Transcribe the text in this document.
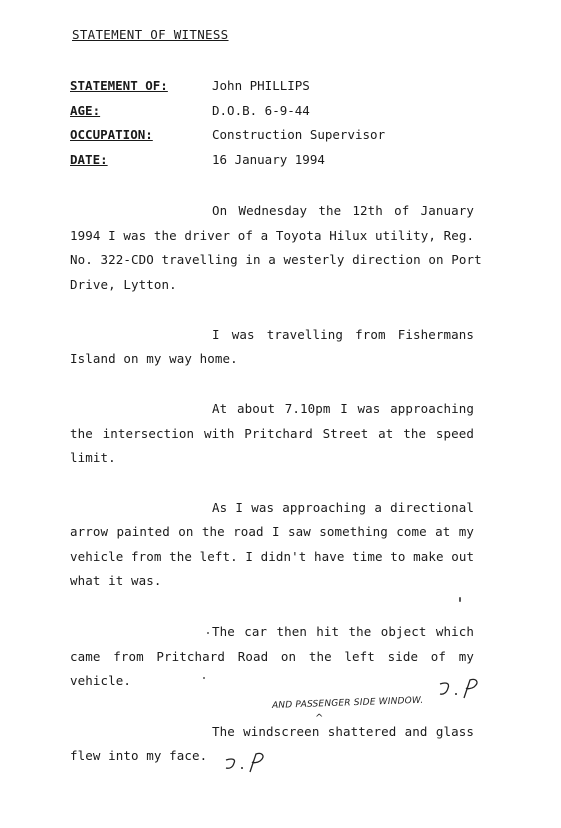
STATEMENT OF WITNESS
STATEMENT OF:	John PHILLIPS
AGE:	D.O.B. 6-9-44
OCCUPATION:	Construction Supervisor
DATE:	16 January 1994
On Wednesday the 12th of January
1994 I was the driver of a Toyota Hilux utility, Reg.
No. 322-CDO travelling in a westerly direction on Port
Drive, Lytton.
I was travelling from Fishermans
Island on my way home.
At about 7.10pm I was approaching
the intersection with Pritchard Street at the speed
limit.
As I was approaching a directional
arrow painted on the road I saw something come at my
vehicle from the left. I didn't have time to make out
what it was.
The car then hit the object which
came from Pritchard Road on the left side of my
vehicle.
AND PASSENGER SIDE WINDOW.
The windscreen shattered and glass
^
flew into my face.
